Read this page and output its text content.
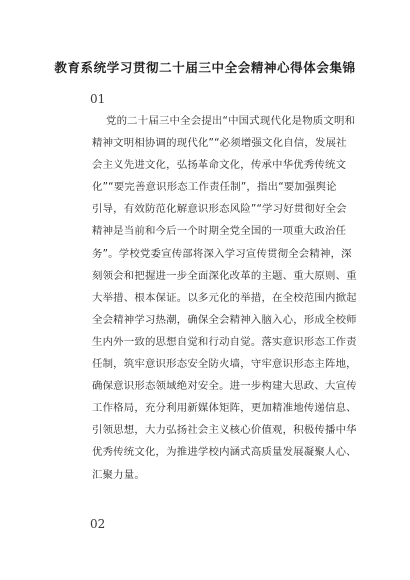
教育系统学习贯彻二十届三中全会精神心得体会集锦
01
党的二十届三中全会提出“中国式现代化是物质文明和
精神文明相协调的现代化”“必须增强文化自信，发展社
会主义先进文化，弘扬革命文化，传承中华优秀传统文
化”“要完善意识形态工作责任制”，指出“要加强舆论
引导，有效防范化解意识形态风险”“学习好贯彻好全会
精神是当前和今后一个时期全党全国的一项重大政治任
务”。学校党委宣传部将深入学习宣传贯彻全会精神，深
刻领会和把握进一步全面深化改革的主题、重大原则、重
大举措、根本保证。以多元化的举措，在全校范围内掀起
全会精神学习热潮，确保全会精神入脑入心，形成全校师
生内外一致的思想自觉和行动自觉。落实意识形态工作责
任制，筑牢意识形态安全防火墙，守牢意识形态主阵地，
确保意识形态领域绝对安全。进一步构建大思政、大宣传
工作格局，充分利用新媒体矩阵，更加精准地传递信息、
引领思想，大力弘扬社会主义核心价值观，积极传播中华
优秀传统文化，为推进学校内涵式高质量发展凝聚人心、
汇聚力量。
02
